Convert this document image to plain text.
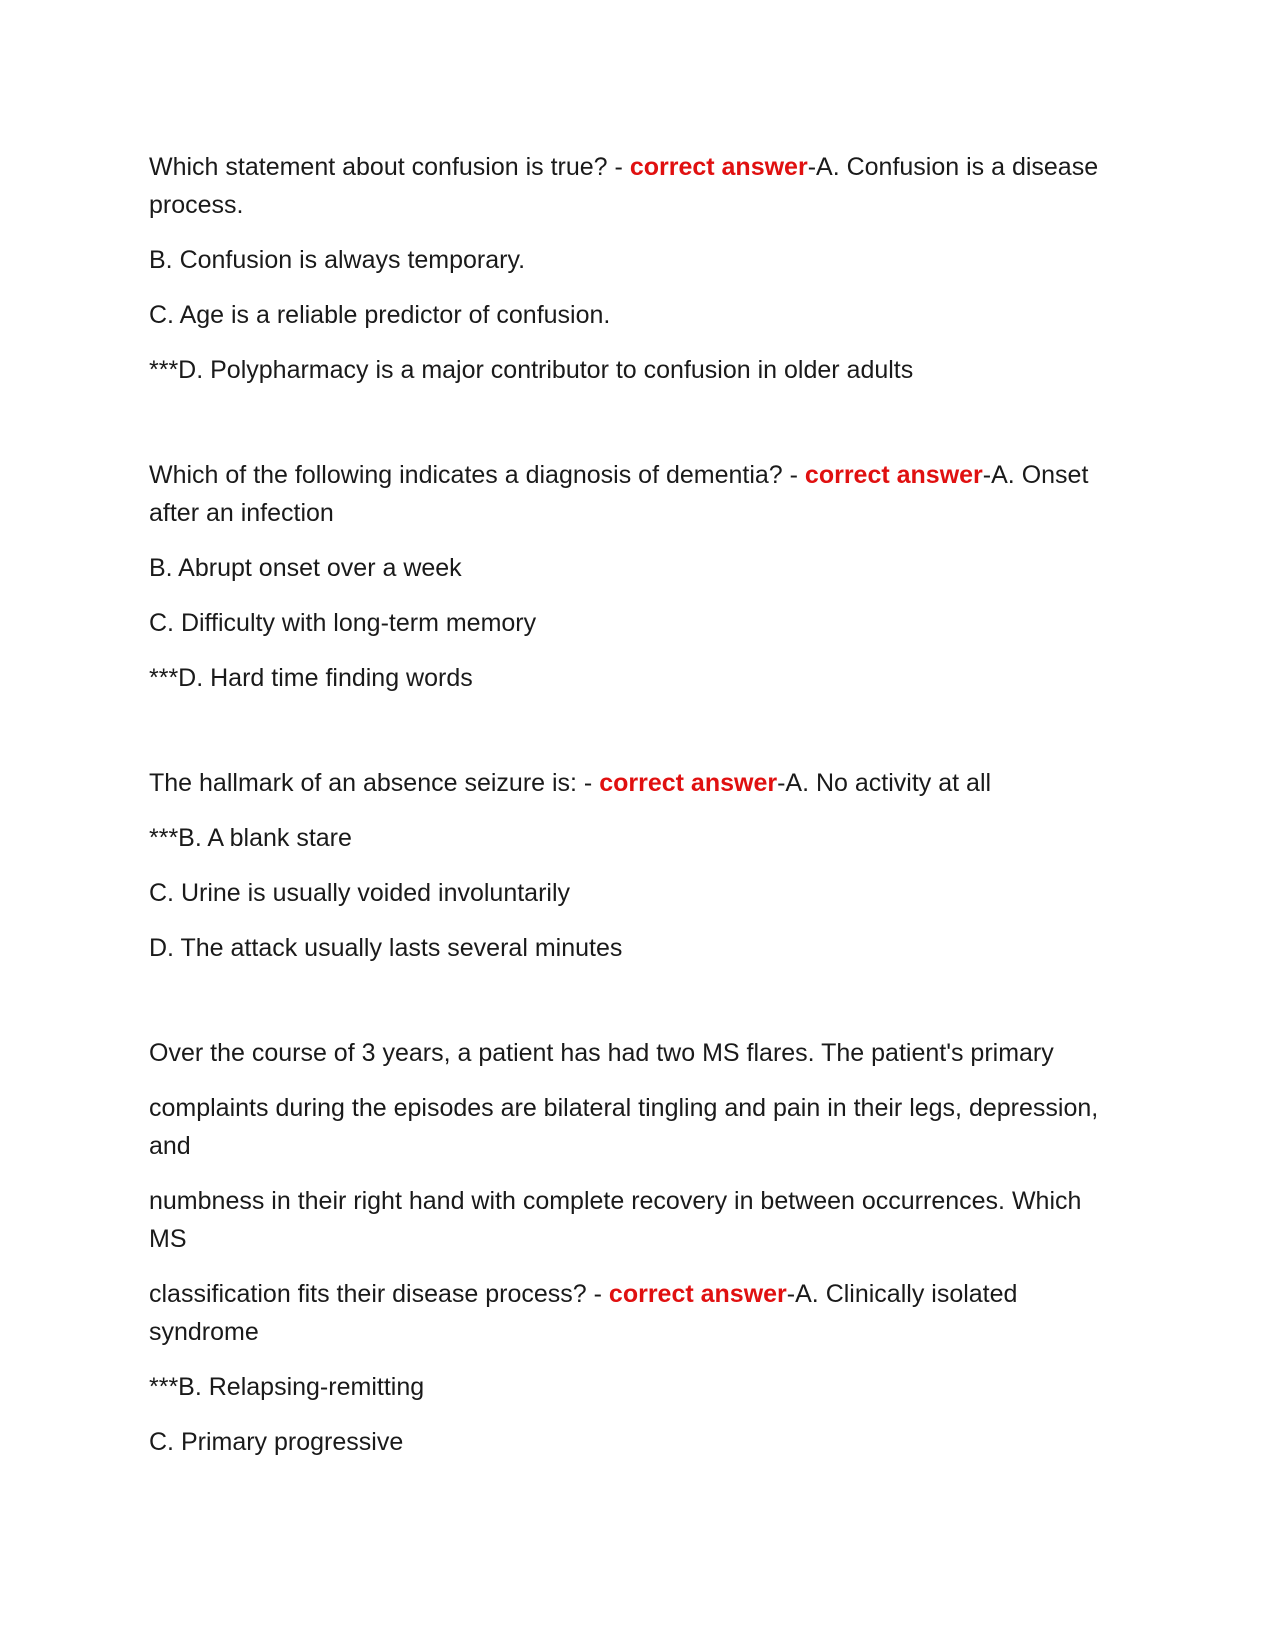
Which statement about confusion is true? - correct answer-A. Confusion is a disease process.

B. Confusion is always temporary.

C. Age is a reliable predictor of confusion.

***D. Polypharmacy is a major contributor to confusion in older adults

Which of the following indicates a diagnosis of dementia? - correct answer-A. Onset after an infection

B. Abrupt onset over a week

C. Difficulty with long-term memory

***D. Hard time finding words

The hallmark of an absence seizure is: - correct answer-A. No activity at all

***B. A blank stare

C. Urine is usually voided involuntarily

D. The attack usually lasts several minutes

Over the course of 3 years, a patient has had two MS flares. The patient's primary

complaints during the episodes are bilateral tingling and pain in their legs, depression, and

numbness in their right hand with complete recovery in between occurrences. Which MS

classification fits their disease process? - correct answer-A. Clinically isolated syndrome

***B. Relapsing-remitting

C. Primary progressive
